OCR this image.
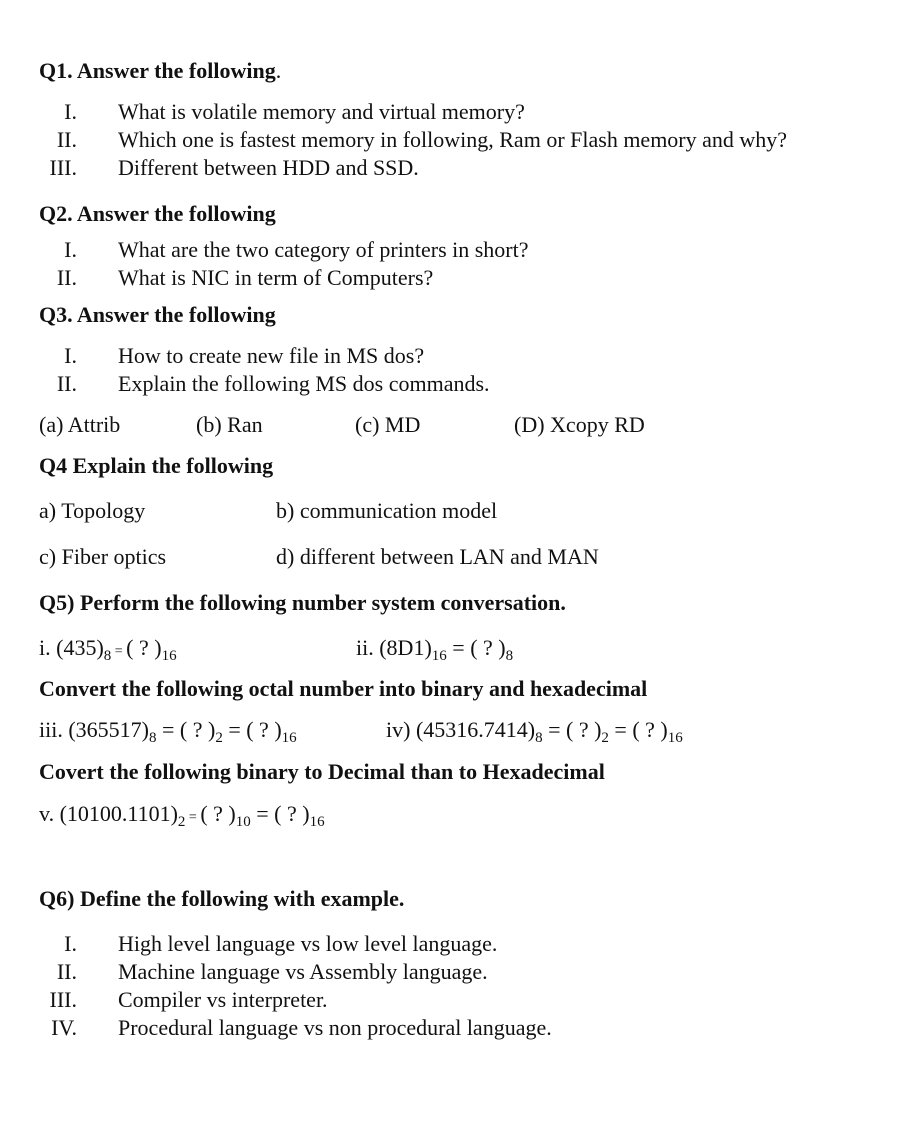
Q1. Answer the following.
I. What is volatile memory and virtual memory?
II. Which one is fastest memory in following, Ram or Flash memory and why?
III. Different between HDD and SSD.
Q2. Answer the following
I. What are the two category of printers in short?
II. What is NIC in term of Computers?
Q3. Answer the following
I. How to create new file in MS dos?
II. Explain the following MS dos commands.
(a) Attrib	(b) Ran	(c) MD	(D) Xcopy RD
Q4 Explain the following
a) Topology	b) communication model
c) Fiber optics	d) different between LAN and MAN
Q5) Perform the following number system conversation.
i. $(435)_8$ = ( ? )$_{16}$	ii. $(8D1)_{16}$ = ( ? )$_8$
Convert the following octal number into binary and hexadecimal
iii. $(365517)_8$ = ( ? )$_2$ = ( ? )$_{16}$	iv) $(45316.7414)_8$ = ( ? )$_2$ = ( ? )$_{16}$
Covert the following binary to Decimal than to Hexadecimal
v. $(10100.1101)_2$ = ( ? )$_{10}$ = ( ? )$_{16}$
Q6) Define the following with example.
I. High level language vs low level language.
II. Machine language vs Assembly language.
III. Compiler vs interpreter.
IV. Procedural language vs non procedural language.
